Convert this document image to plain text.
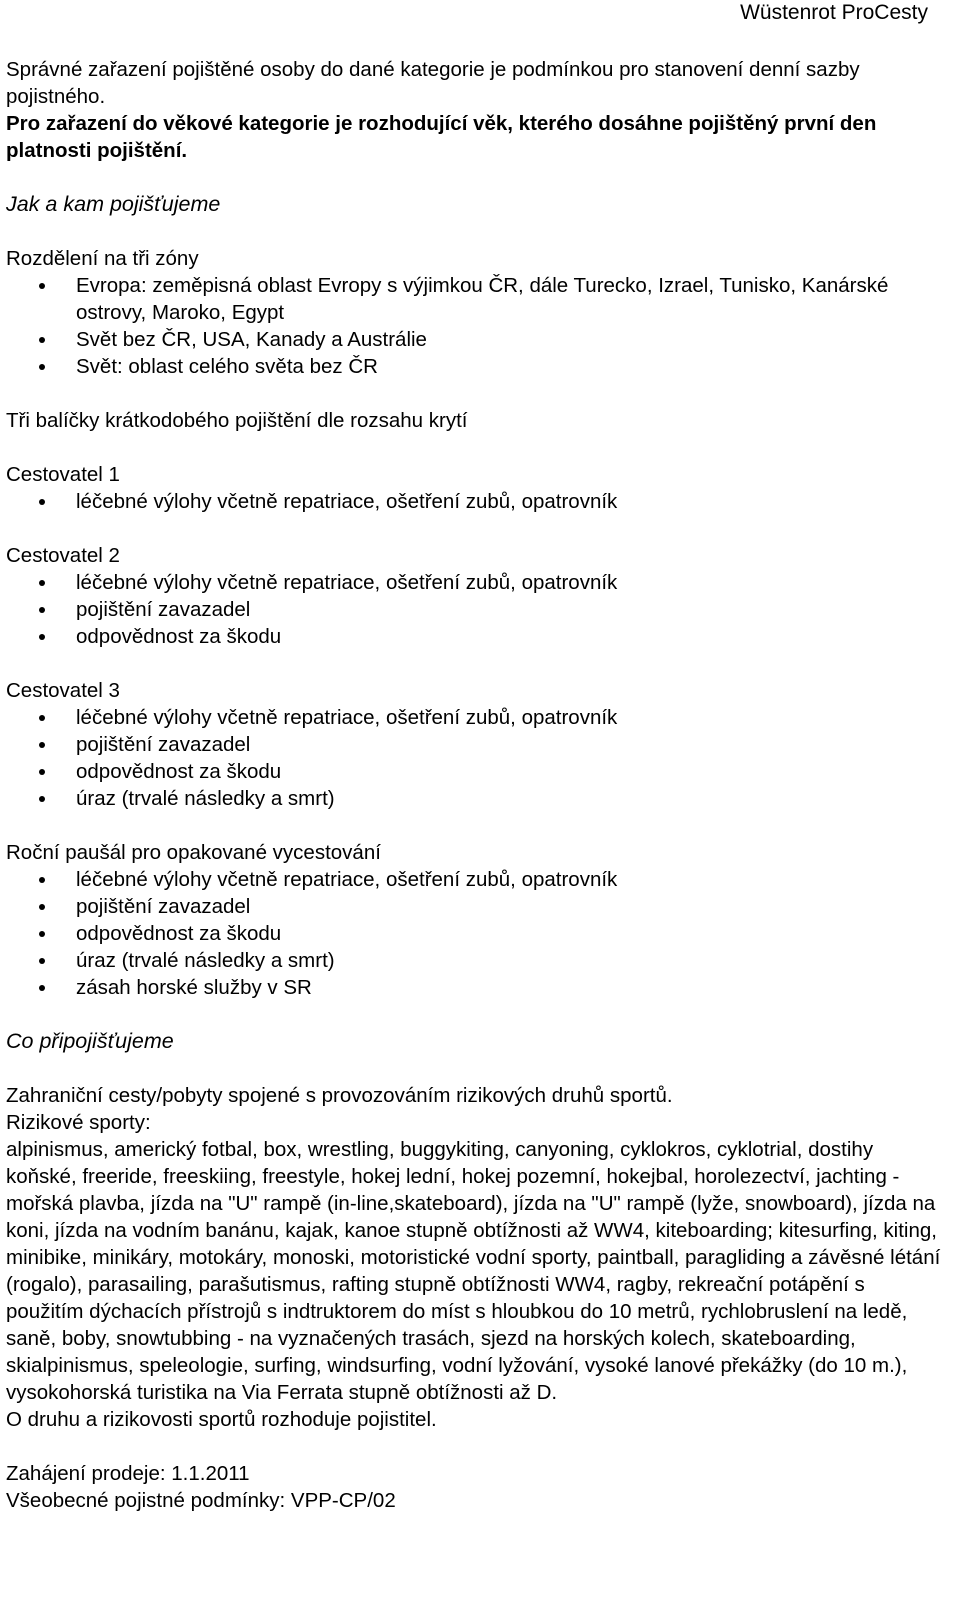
Wüstenrot ProCesty

Správné zařazení pojištěné osoby do dané kategorie je podmínkou pro stanovení denní sazby pojistného.

Pro zařazení do věkové kategorie je rozhodující věk, kterého dosáhne pojištěný první den platnosti pojištění.

Jak a kam pojišťujeme

Rozdělení na tři zóny

Evropa: zeměpisná oblast Evropy s výjimkou ČR, dále Turecko, Izrael, Tunisko, Kanárské ostrovy, Maroko, Egypt
Svět bez ČR, USA, Kanady a Austrálie
Svět: oblast celého světa bez ČR

Tři balíčky krátkodobého pojištění dle rozsahu krytí

Cestovatel 1

léčebné výlohy včetně repatriace, ošetření zubů, opatrovník

Cestovatel 2

léčebné výlohy včetně repatriace, ošetření zubů, opatrovník
pojištění zavazadel
odpovědnost za škodu

Cestovatel 3

léčebné výlohy včetně repatriace, ošetření zubů, opatrovník
pojištění zavazadel
odpovědnost za škodu
úraz (trvalé následky a smrt)

Roční paušál pro opakované vycestování

léčebné výlohy včetně repatriace, ošetření zubů, opatrovník
pojištění zavazadel
odpovědnost za škodu
úraz (trvalé následky a smrt)
zásah horské služby v SR

Co připojišťujeme

Zahraniční cesty/pobyty spojené s provozováním rizikových druhů sportů.

Rizikové sporty:

alpinismus, americký fotbal, box, wrestling, buggykiting, canyoning, cyklokros, cyklotrial, dostihy koňské, freeride, freeskiing, freestyle, hokej lední, hokej pozemní, hokejbal, horolezectví, jachting - mořská plavba, jízda na "U" rampě (in-line,skateboard), jízda na "U" rampě (lyže, snowboard), jízda na koni, jízda na vodním banánu, kajak, kanoe stupně obtížnosti až WW4, kiteboarding; kitesurfing, kiting, minibike, minikáry, motokáry, monoski, motoristické vodní sporty, paintball, paragliding a závěsné létání (rogalo), parasailing, parašutismus, rafting stupně obtížnosti WW4, ragby, rekreační potápění s použitím dýchacích přístrojů s indtruktorem do míst s hloubkou do 10 metrů, rychlobruslení na ledě, saně, boby, snowtubbing - na vyznačených trasách, sjezd na horských kolech, skateboarding, skialpinismus, speleologie, surfing, windsurfing, vodní lyžování, vysoké lanové překážky (do 10 m.), vysokohorská turistika na Via Ferrata stupně obtížnosti až D.

O druhu a rizikovosti sportů rozhoduje pojistitel.

Zahájení prodeje: 1.1.2011

Všeobecné pojistné podmínky: VPP-CP/02
